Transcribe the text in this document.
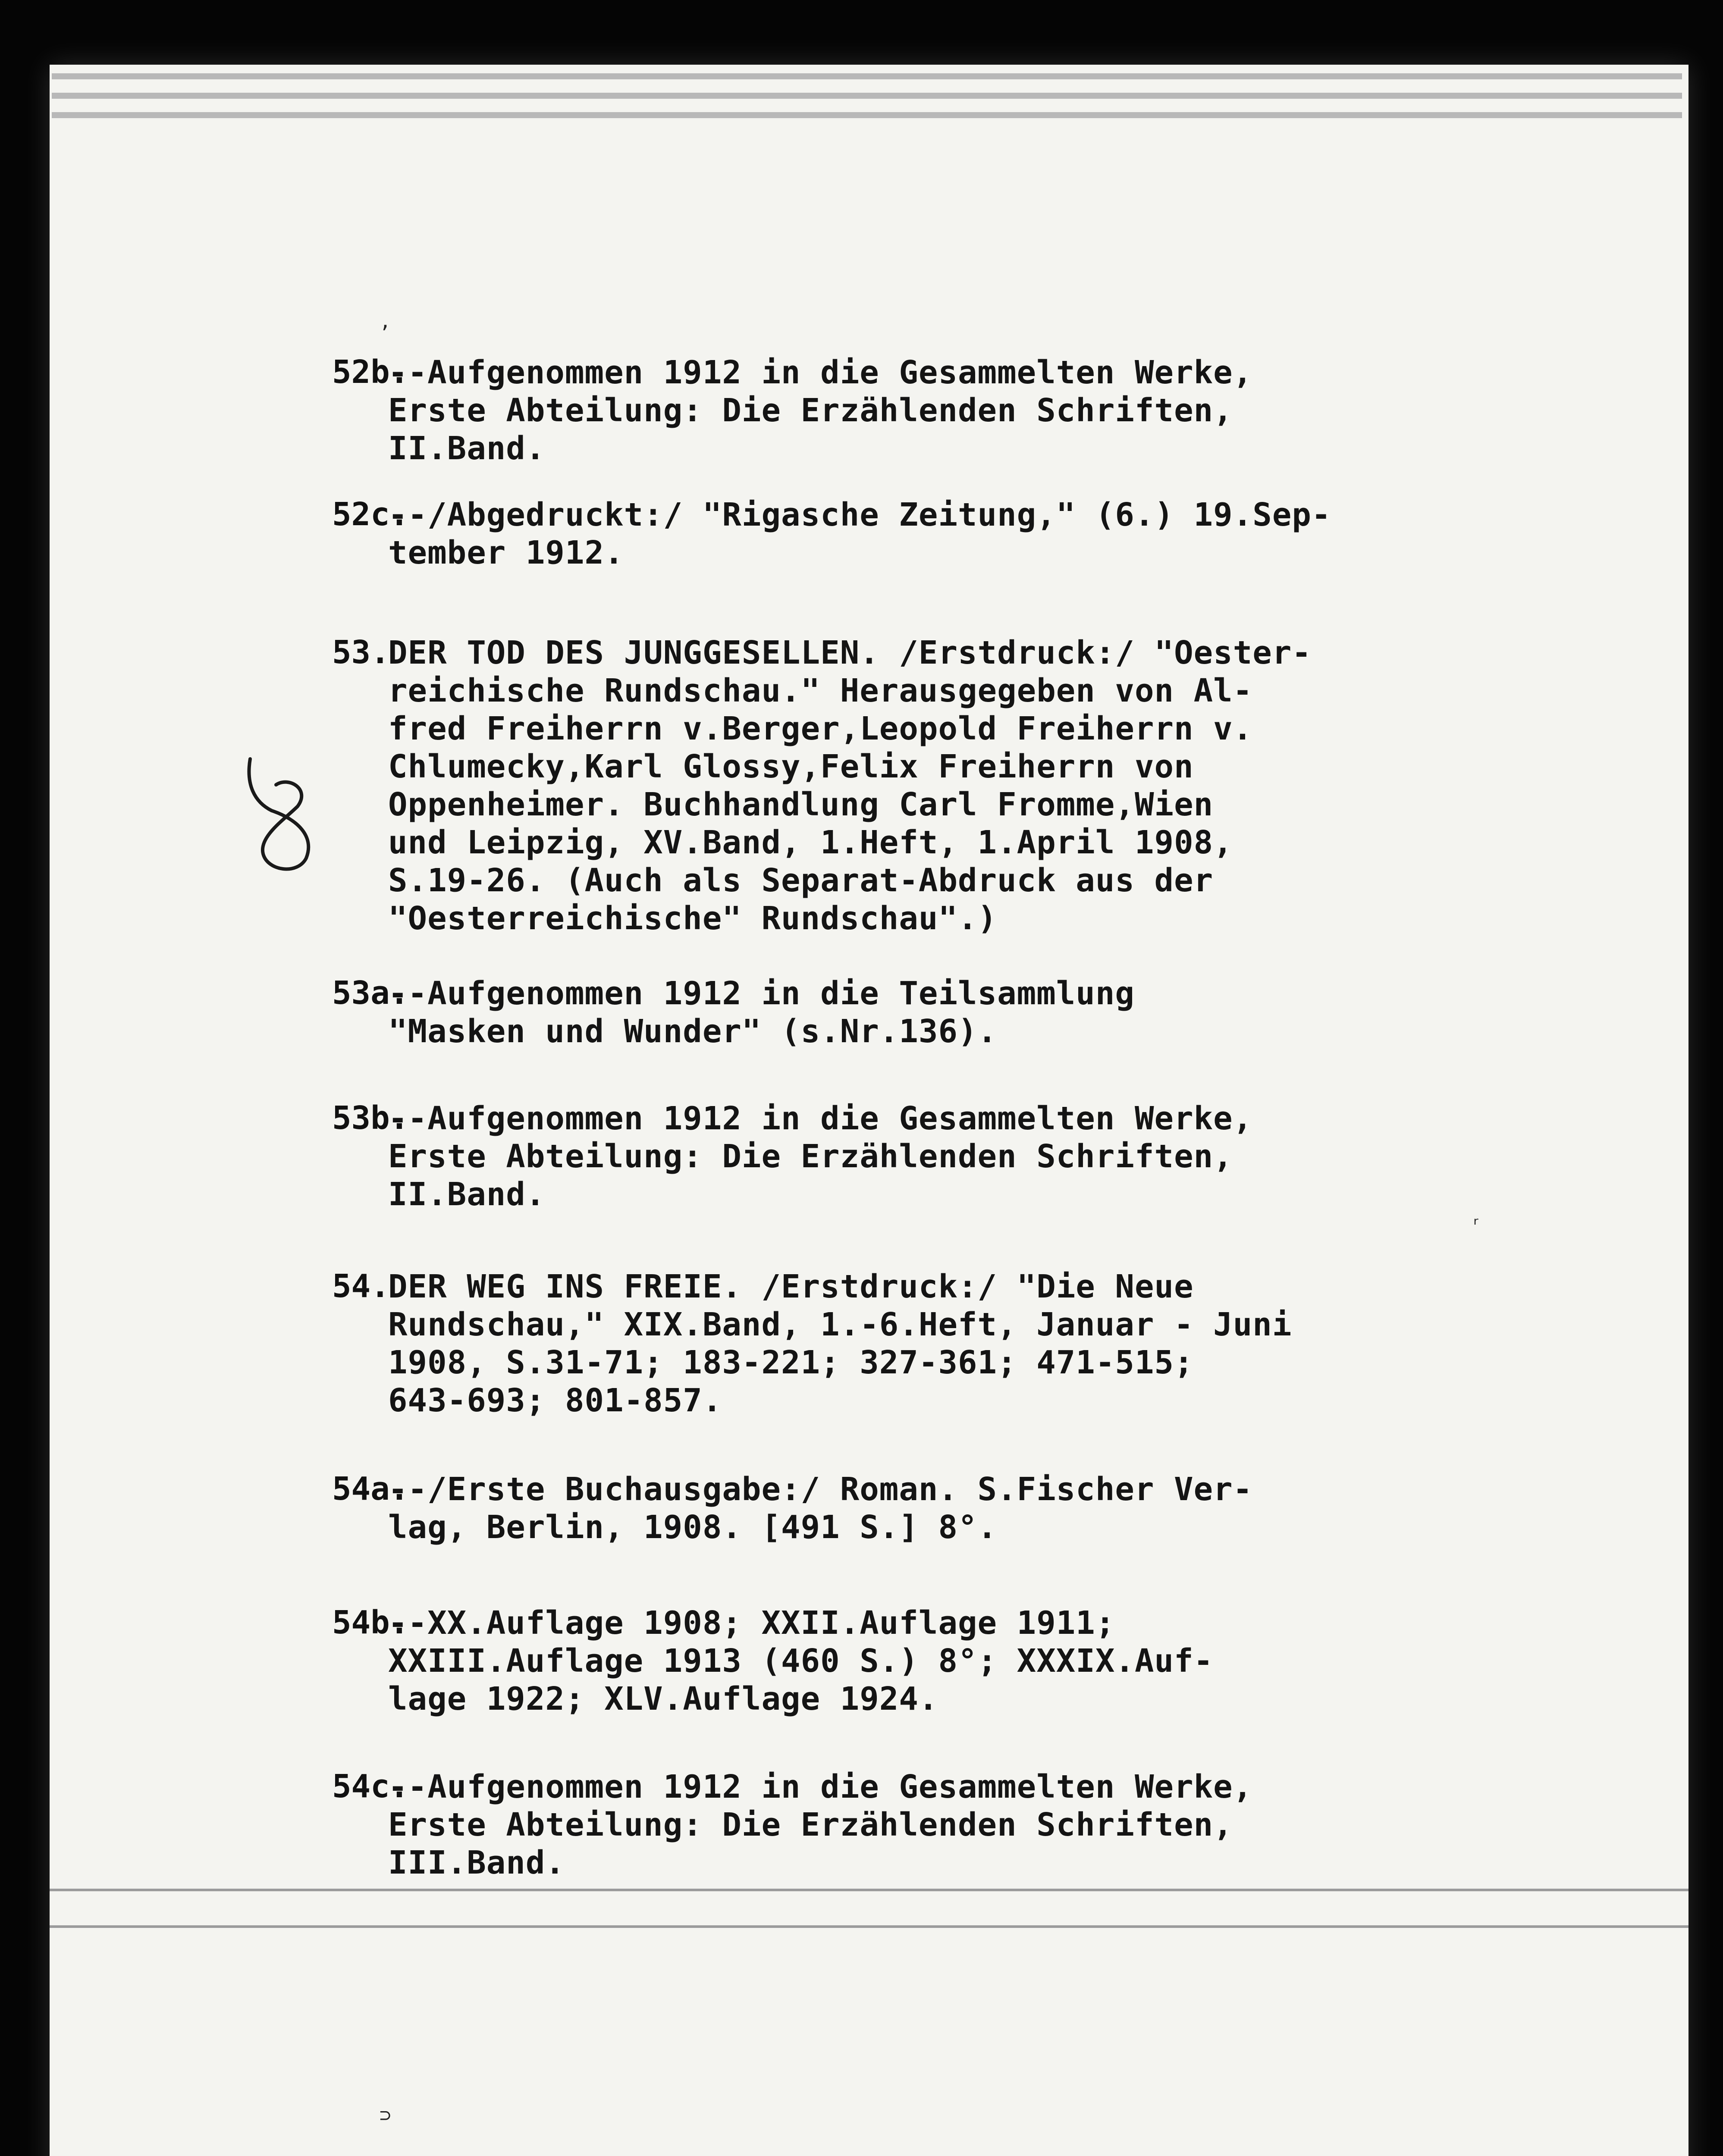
52b.
--Aufgenommen 1912 in die Gesammelten Werke,
Erste Abteilung: Die Erzählenden Schriften,
II.Band.
52c.
--/Abgedruckt:/ "Rigasche Zeitung," (6.) 19.Sep-
tember 1912.
53.
DER TOD DES JUNGGESELLEN. /Erstdruck:/ "Oester-
reichische Rundschau." Herausgegeben von Al-
fred Freiherrn v.Berger,Leopold Freiherrn v.
Chlumecky,Karl Glossy,Felix Freiherrn von
Oppenheimer. Buchhandlung Carl Fromme,Wien
und Leipzig, XV.Band, 1.Heft, 1.April 1908,
S.19-26. (Auch als Separat-Abdruck aus der
"Oesterreichische" Rundschau".)
53a.
--Aufgenommen 1912 in die Teilsammlung
"Masken und Wunder" (s.Nr.136).
53b.
--Aufgenommen 1912 in die Gesammelten Werke,
Erste Abteilung: Die Erzählenden Schriften,
II.Band.
54.
DER WEG INS FREIE. /Erstdruck:/ "Die Neue
Rundschau," XIX.Band, 1.-6.Heft, Januar - Juni
1908, S.31-71; 183-221; 327-361; 471-515;
643-693; 801-857.
54a.
--/Erste Buchausgabe:/ Roman. S.Fischer Ver-
lag, Berlin, 1908. [491 S.] 8°.
54b.
--XX.Auflage 1908; XXII.Auflage 1911;
XXIII.Auflage 1913 (460 S.) 8°; XXXIX.Auf-
lage 1922; XLV.Auflage 1924.
54c.
--Aufgenommen 1912 in die Gesammelten Werke,
Erste Abteilung: Die Erzählenden Schriften,
III.Band.
ᵣ
,
⊃
